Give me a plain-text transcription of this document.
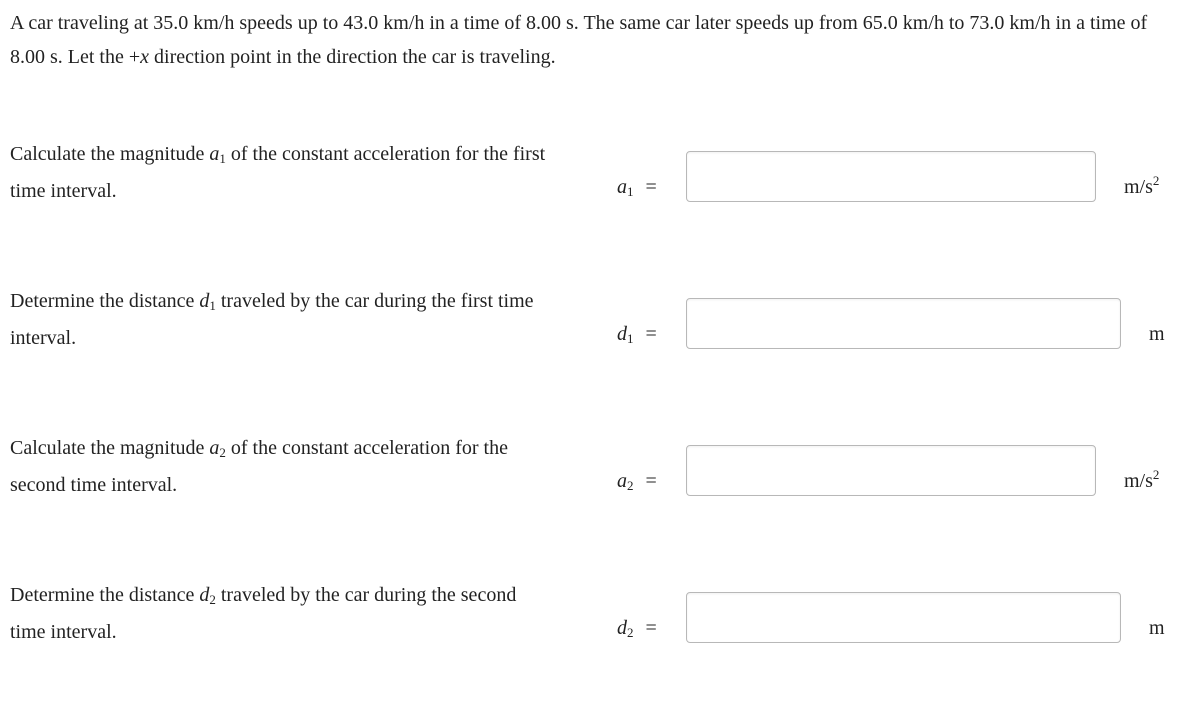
A car traveling at 35.0 km/h speeds up to 43.0 km/h in a time of 8.00 s. The same car later speeds up from 65.0 km/h to 73.0 km/h in a time of 8.00 s. Let the +x direction point in the direction the car is traveling.
Calculate the magnitude $a_1$ of the constant acceleration for the first time interval.	$a_1$ =	$m/s^2$
Determine the distance $d_1$ traveled by the car during the first time interval.	$d_1$ =	m
Calculate the magnitude $a_2$ of the constant acceleration for the second time interval.	$a_2$ =	$m/s^2$
Determine the distance $d_2$ traveled by the car during the second time interval.	$d_2$ =	m
